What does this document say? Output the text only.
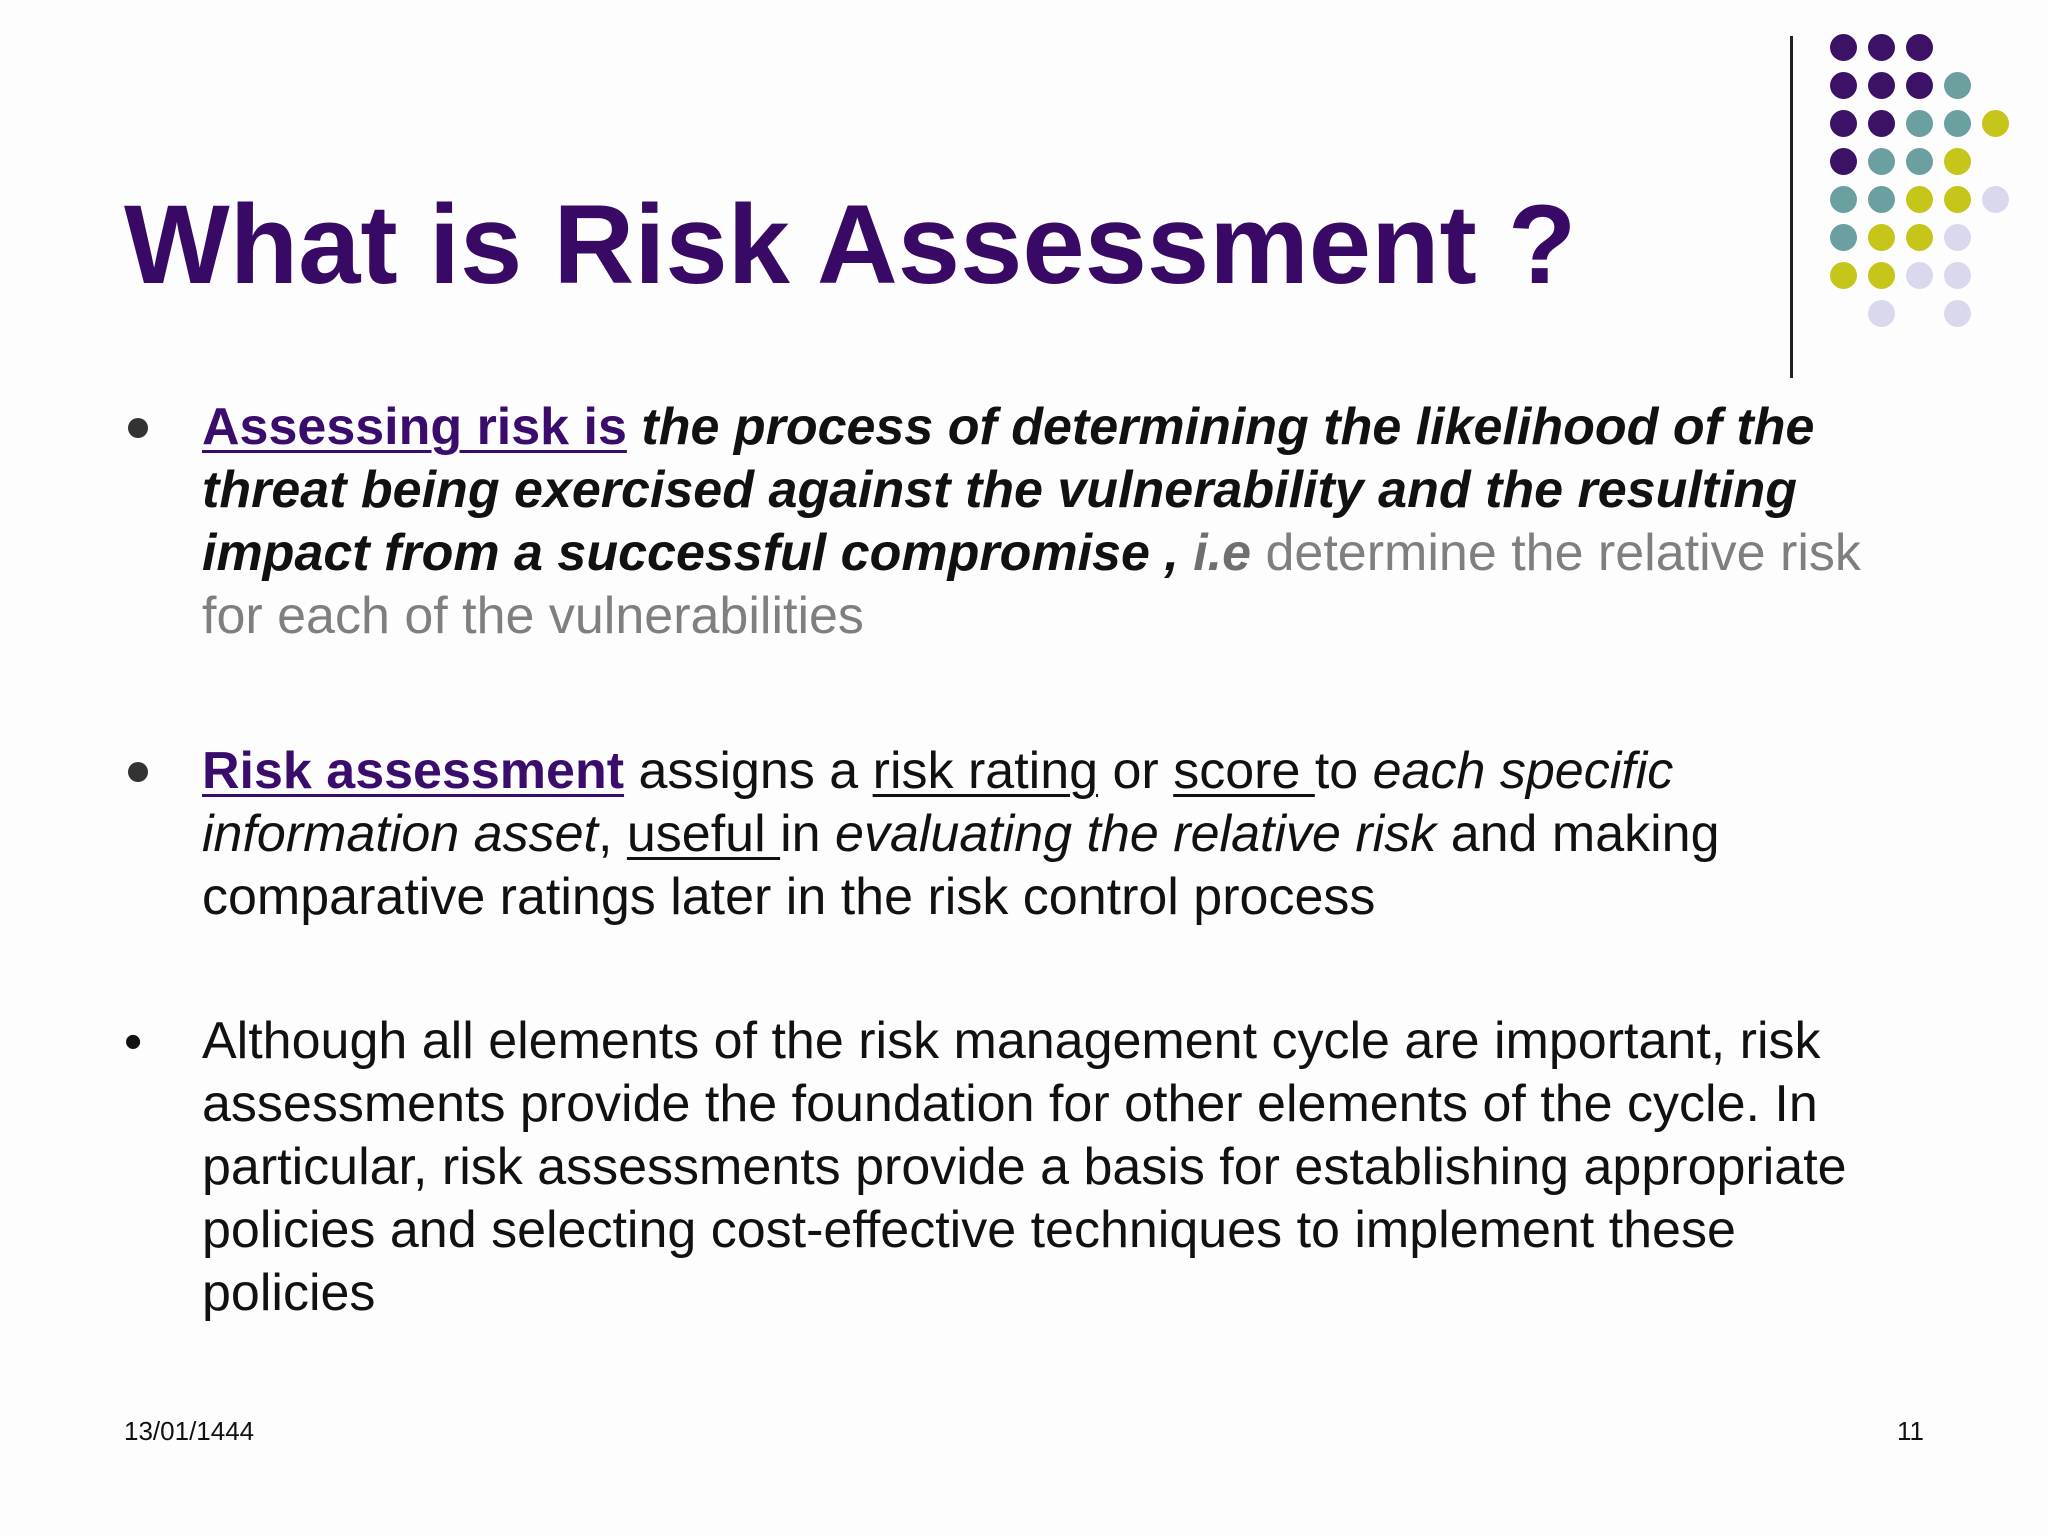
What is Risk Assessment ?

Assessing risk is the process of determining the likelihood of the threat being exercised against the vulnerability and the resulting impact from a successful compromise , i.e determine the relative risk for each of the vulnerabilities

Risk assessment assigns a risk rating or score to each specific information asset, useful in evaluating the relative risk and making comparative ratings later in the risk control process

•	Although all elements of the risk management cycle are important, risk assessments provide the foundation for other elements of the cycle. In particular, risk assessments provide a basis for establishing appropriate policies and selecting cost-effective techniques to implement these policies

13/01/1444	11
